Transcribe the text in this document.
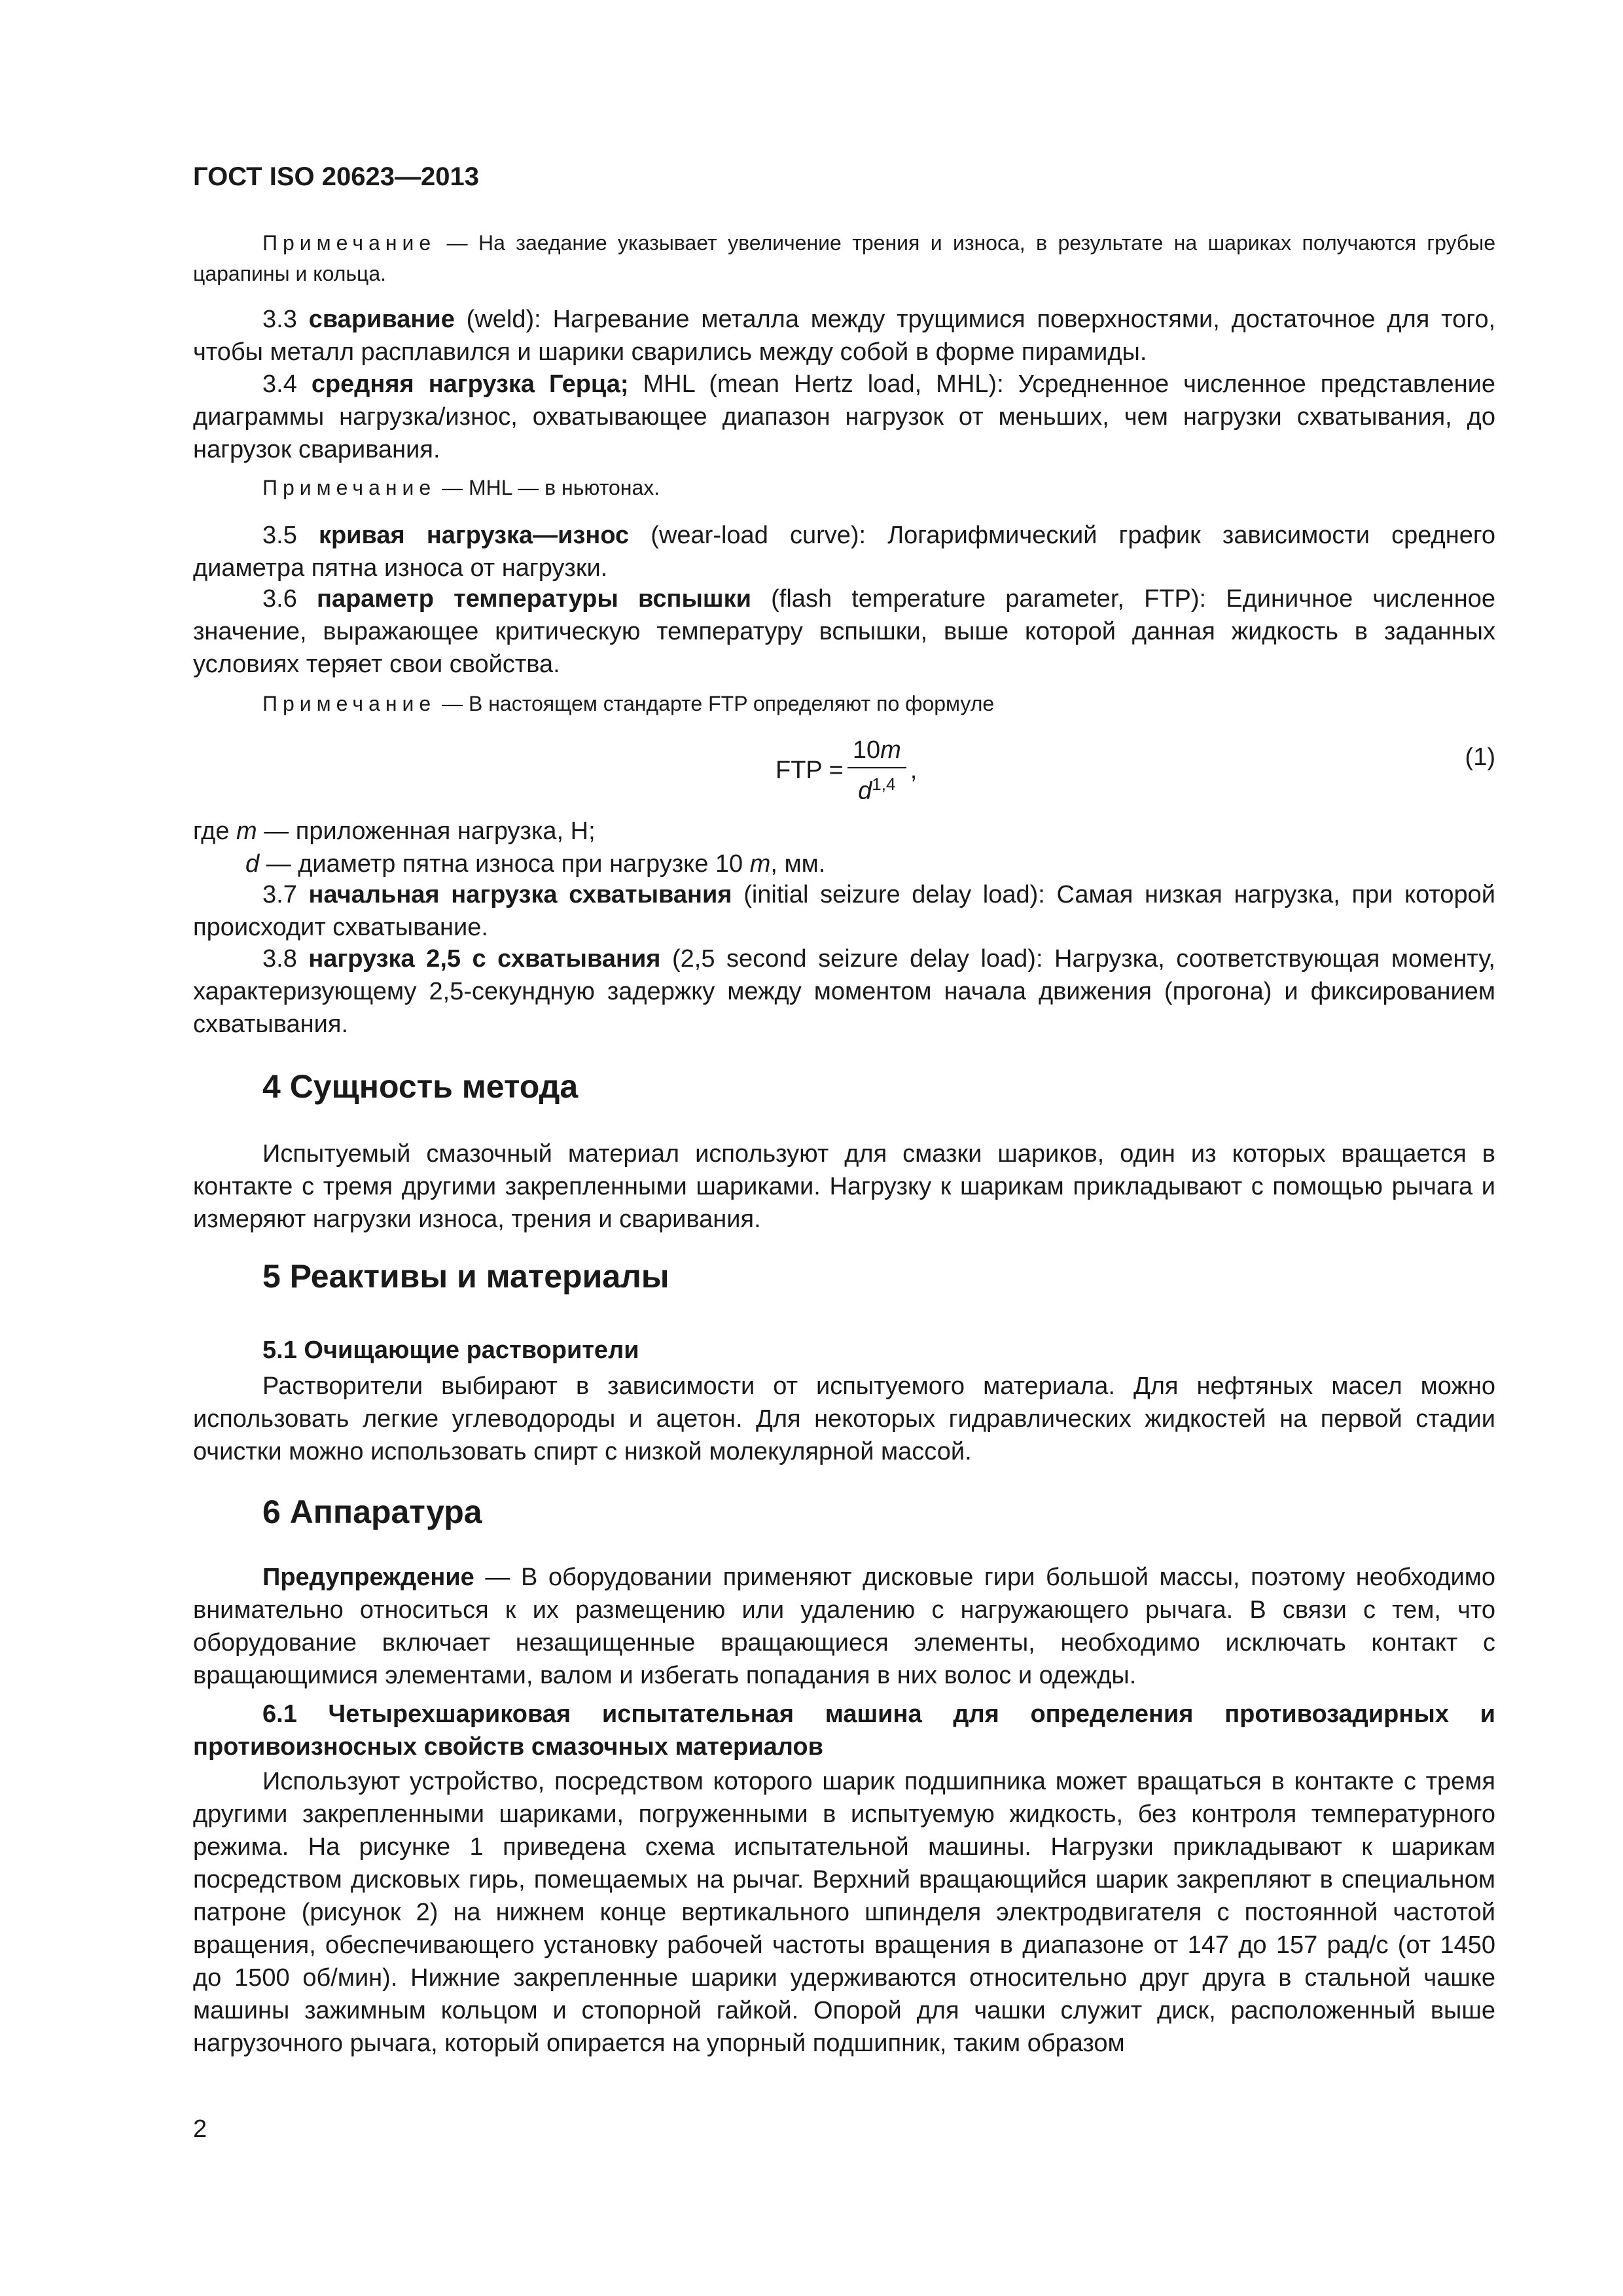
ГОСТ ISO 20623—2013

Примечание — На заедание указывает увеличение трения и износа, в результате на шариках получаются грубые царапины и кольца.

3.3 сваривание (weld): Нагревание металла между трущимися поверхностями, достаточное для того, чтобы металл расплавился и шарики сварились между собой в форме пирамиды.

3.4 средняя нагрузка Герца; MHL (mean Hertz load, MHL): Усредненное численное представление диаграммы нагрузка/износ, охватывающее диапазон нагрузок от меньших, чем нагрузки схватывания, до нагрузок сваривания.

Примечание — MHL — в ньютонах.

3.5 кривая нагрузка—износ (wear-load curve): Логарифмический график зависимости среднего диаметра пятна износа от нагрузки.

3.6 параметр температуры вспышки (flash temperature parameter, FTP): Единичное численное значение, выражающее критическую температуру вспышки, выше которой данная жидкость в заданных условиях теряет свои свойства.

Примечание — В настоящем стандарте FTP определяют по формуле

FTP = $\frac{10m}{d^{1,4}}$ ,	(1)
где m — приложенная нагрузка, Н;
d — диаметр пятна износа при нагрузке 10 m, мм.

3.7 начальная нагрузка схватывания (initial seizure delay load): Самая низкая нагрузка, при которой происходит схватывание.

3.8 нагрузка 2,5 с схватывания (2,5 second seizure delay load): Нагрузка, соответствующая моменту, характеризующему 2,5-секундную задержку между моментом начала движения (прогона) и фиксированием схватывания.

4 Сущность метода

Испытуемый смазочный материал используют для смазки шариков, один из которых вращается в контакте с тремя другими закрепленными шариками. Нагрузку к шарикам прикладывают с помощью рычага и измеряют нагрузки износа, трения и сваривания.

5 Реактивы и материалы
5.1 Очищающие растворители

Растворители выбирают в зависимости от испытуемого материала. Для нефтяных масел можно использовать легкие углеводороды и ацетон. Для некоторых гидравлических жидкостей на первой стадии очистки можно использовать спирт с низкой молекулярной массой.

6 Аппаратура

Предупреждение — В оборудовании применяют дисковые гири большой массы, поэтому необходимо внимательно относиться к их размещению или удалению с нагружающего рычага. В связи с тем, что оборудование включает незащищенные вращающиеся элементы, необходимо исключать контакт с вращающимися элементами, валом и избегать попадания в них волос и одежды.

6.1 Четырехшариковая испытательная машина для определения противозадирных и противоизносных свойств смазочных материалов

Используют устройство, посредством которого шарик подшипника может вращаться в контакте с тремя другими закрепленными шариками, погруженными в испытуемую жидкость, без контроля температурного режима. На рисунке 1 приведена схема испытательной машины. Нагрузки прикладывают к шарикам посредством дисковых гирь, помещаемых на рычаг. Верхний вращающийся шарик закрепляют в специальном патроне (рисунок 2) на нижнем конце вертикального шпинделя электродвигателя с постоянной частотой вращения, обеспечивающего установку рабочей частоты вращения в диапазоне от 147 до 157 рад/с (от 1450 до 1500 об/мин). Нижние закрепленные шарики удерживаются относительно друг друга в стальной чашке машины зажимным кольцом и стопорной гайкой. Опорой для чашки служит диск, расположенный выше нагрузочного рычага, который опирается на упорный подшипник, таким образом

2
